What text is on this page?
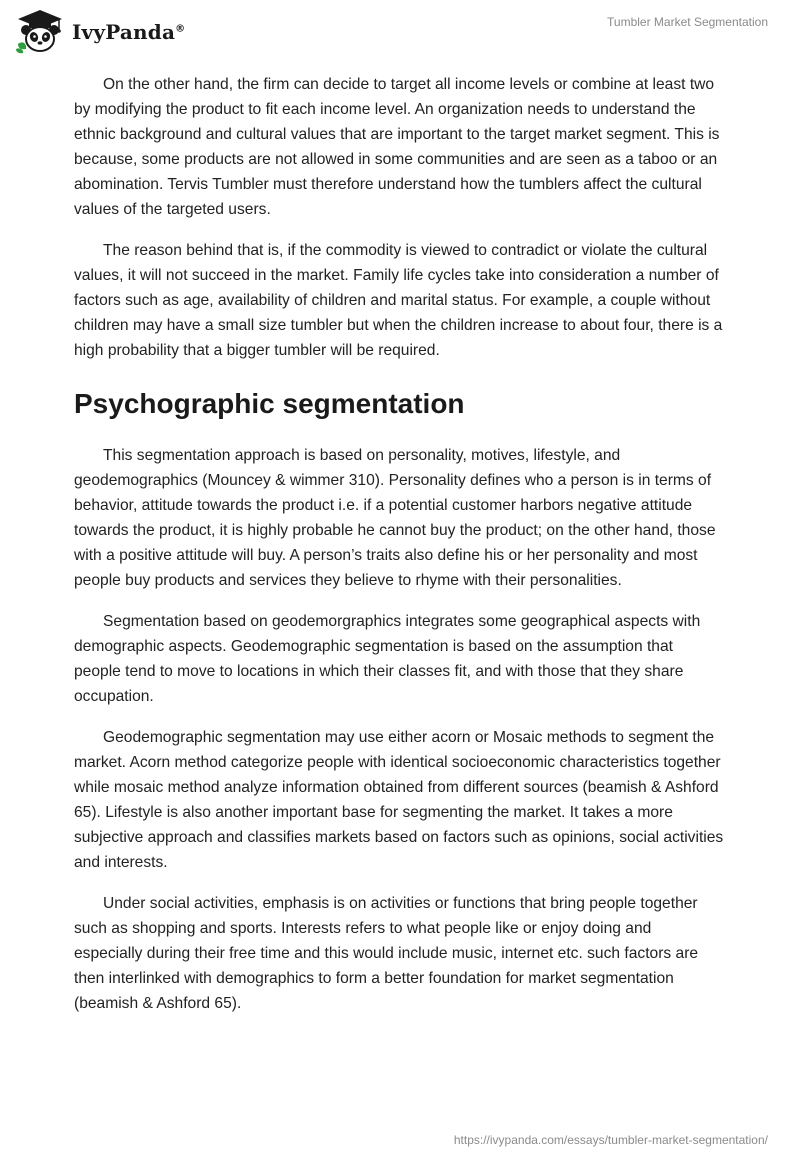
IvyPanda®	Tumbler Market Segmentation

On the other hand, the firm can decide to target all income levels or combine at least two by modifying the product to fit each income level. An organization needs to understand the ethnic background and cultural values that are important to the target market segment. This is because, some products are not allowed in some communities and are seen as a taboo or an abomination. Tervis Tumbler must therefore understand how the tumblers affect the cultural values of the targeted users.

The reason behind that is, if the commodity is viewed to contradict or violate the cultural values, it will not succeed in the market. Family life cycles take into consideration a number of factors such as age, availability of children and marital status. For example, a couple without children may have a small size tumbler but when the children increase to about four, there is a high probability that a bigger tumbler will be required.

Psychographic segmentation

This segmentation approach is based on personality, motives, lifestyle, and geodemographics (Mouncey & wimmer 310). Personality defines who a person is in terms of behavior, attitude towards the product i.e. if a potential customer harbors negative attitude towards the product, it is highly probable he cannot buy the product; on the other hand, those with a positive attitude will buy. A person’s traits also define his or her personality and most people buy products and services they believe to rhyme with their personalities.

Segmentation based on geodemorgraphics integrates some geographical aspects with demographic aspects. Geodemographic segmentation is based on the assumption that people tend to move to locations in which their classes fit, and with those that they share occupation.

Geodemographic segmentation may use either acorn or Mosaic methods to segment the market. Acorn method categorize people with identical socioeconomic characteristics together while mosaic method analyze information obtained from different sources (beamish & Ashford 65). Lifestyle is also another important base for segmenting the market. It takes a more subjective approach and classifies markets based on factors such as opinions, social activities and interests.

Under social activities, emphasis is on activities or functions that bring people together such as shopping and sports. Interests refers to what people like or enjoy doing and especially during their free time and this would include music, internet etc. such factors are then interlinked with demographics to form a better foundation for market segmentation (beamish & Ashford 65).

https://ivypanda.com/essays/tumbler-market-segmentation/
